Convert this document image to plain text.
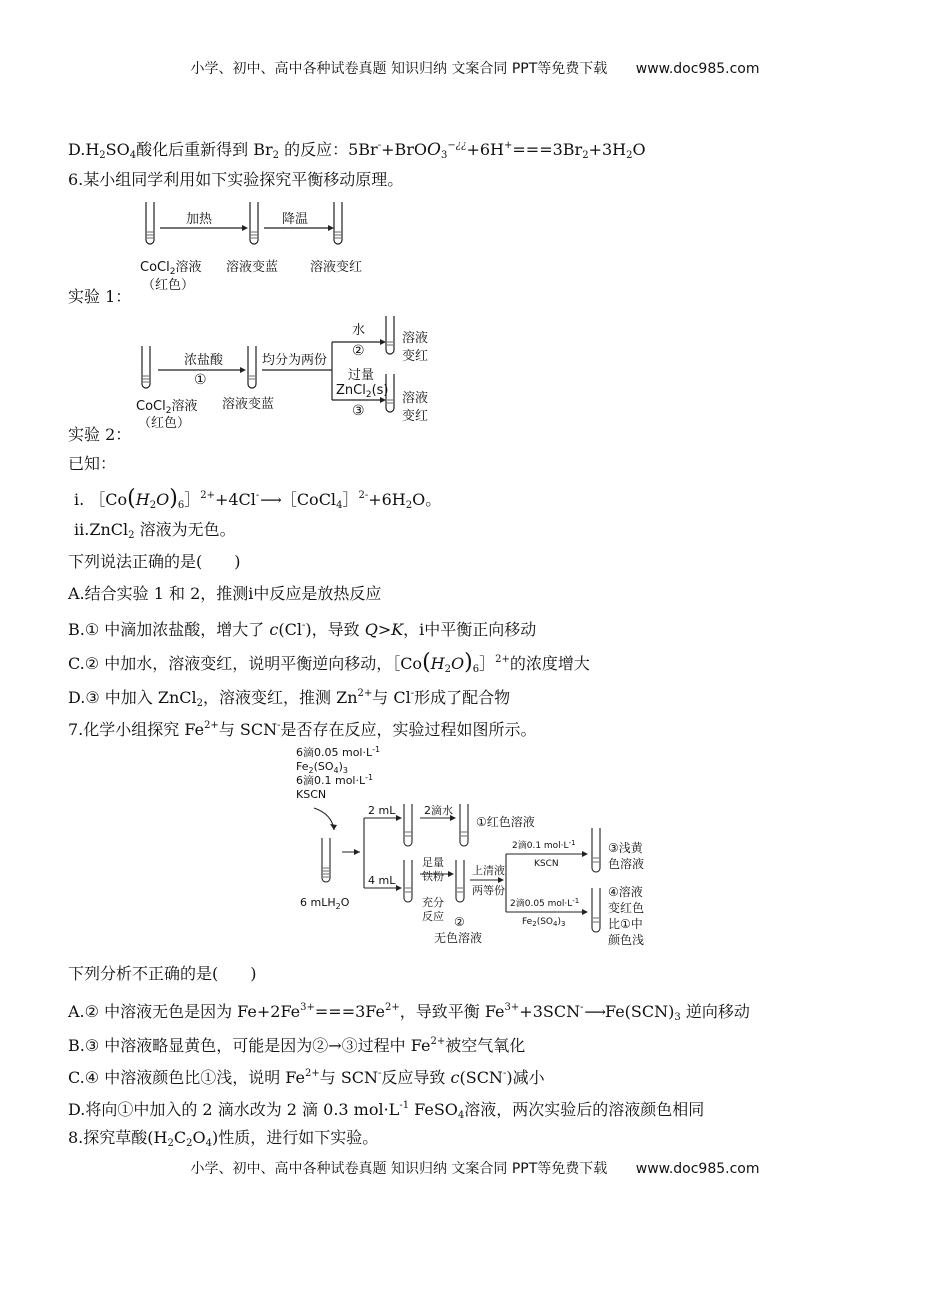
小学、初中、高中各种试卷真题 知识归纳 文案合同 PPT等免费下载 www.doc985.com
$D.H_2SO_4$酸化后重新得到 $Br_2$ 的反应：$5Br^-+BrOO_3^{-¿¿}+6H^+===3Br_2+3H_2O$
6.某小组同学利用如下实验探究平衡移动原理。
加热	降温
CoCl$_2$溶液
（红色）
溶液变蓝 溶液变红
实验 1：
浓盐酸
①
均分为两份
水
②
过量
ZnCl$_2$(s)
③
溶液
变红
溶液
变红
CoCl$_2$溶液
（红色）
溶液变蓝
实验 2：
已知：
ⅰ. $[Co(H_2O)_6]^{2+}+4Cl^-⟶[CoCl_4]^{2-}+6H_2O$。
ⅱ.ZnCl$_2$ 溶液为无色。
下列说法正确的是(　　)
A.结合实验 1 和 2，推测ⅰ中反应是放热反应
B.① 中滴加浓盐酸，增大了 c(Cl-)，导致 Q>K，ⅰ中平衡正向移动
C.② 中加水，溶液变红，说明平衡逆向移动，$[Co(H_2O)_6]^{2+}$的浓度增大
D.③ 中加入 ZnCl$_2$，溶液变红，推测 $Zn^{2+}$与 Cl-形成了配合物
7.化学小组探究 $Fe^{2+}$与 SCN-是否存在反应，实验过程如图所示。
6滴0.05 $mol\cdot L^{-1}$
$Fe_2(SO_4)_3$
6滴0.1 $mol\cdot L^{-1}$
KSCN
2 mL	2滴水
①红色溶液
4 mL
足量
铁粉
充分
反应 ②
无色溶液
上清液
两等份
2滴0.1 $mol\cdot L^{-1}$
KSCN
2滴0.05 $mol\cdot L^{-1}$
$Fe_2(SO_4)_3$
③浅黄
色溶液
④溶液
变红色
比①中
颜色浅
6 mLH$_2$O
下列分析不正确的是(　　)
A.② 中溶液无色是因为 $Fe+2Fe^{3+}===3Fe^{2+}$，导致平衡 $Fe^{3+}+3SCN^-⟶Fe(SCN)_3$ 逆向移动
B.③ 中溶液略显黄色，可能是因为②→③过程中 $Fe^{2+}$被空气氧化
C.④ 中溶液颜色比①浅，说明 $Fe^{2+}$与 SCN-反应导致 c(SCN-)减小
D.将向①中加入的 2 滴水改为 2 滴 0.3 $mol\cdot L^{-1}$ FeSO$_4$溶液，两次实验后的溶液颜色相同
8.探究草酸$(H_2C_2O_4)$性质，进行如下实验。
小学、初中、高中各种试卷真题 知识归纳 文案合同 PPT等免费下载 www.doc985.com
